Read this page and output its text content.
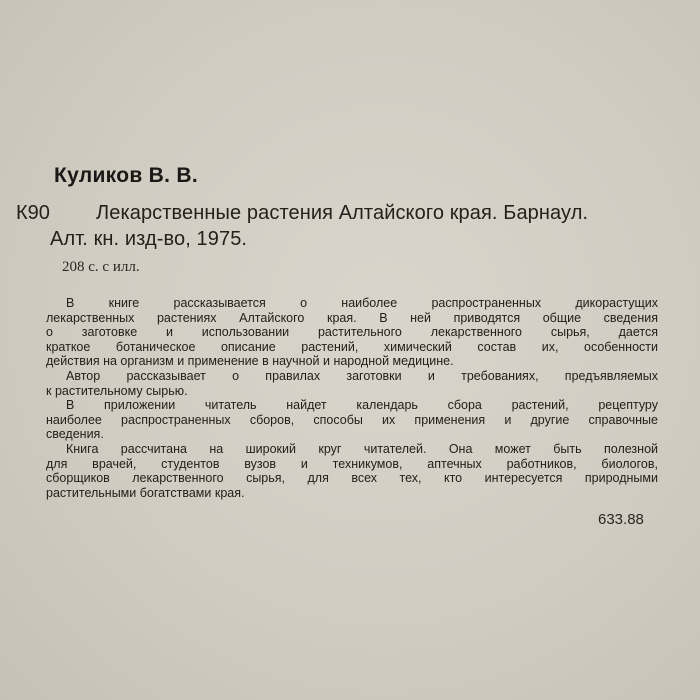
Куликов В. В.
К90 Лекарственные растения Алтайского края. Барнаул.
Алт. кн. изд-во, 1975.
208 с. с илл.
В книге рассказывается о наиболее распространенных дикорастущих
лекарственных растениях Алтайского края. В ней приводятся общие сведения
о заготовке и использовании растительного лекарственного сырья, дается
краткое ботаническое описание растений, химический состав их, особенности
действия на организм и применение в научной и народной медицине.
Автор рассказывает о правилах заготовки и требованиях, предъявляемых
к растительному сырью.
В приложении читатель найдет календарь сбора растений, рецептуру
наиболее распространенных сборов, способы их применения и другие справочные
сведения.
Книга рассчитана на широкий круг читателей. Она может быть полезной
для врачей, студентов вузов и техникумов, аптечных работников, биологов,
сборщиков лекарственного сырья, для всех тех, кто интересуется природными
растительными богатствами края.
633.88
